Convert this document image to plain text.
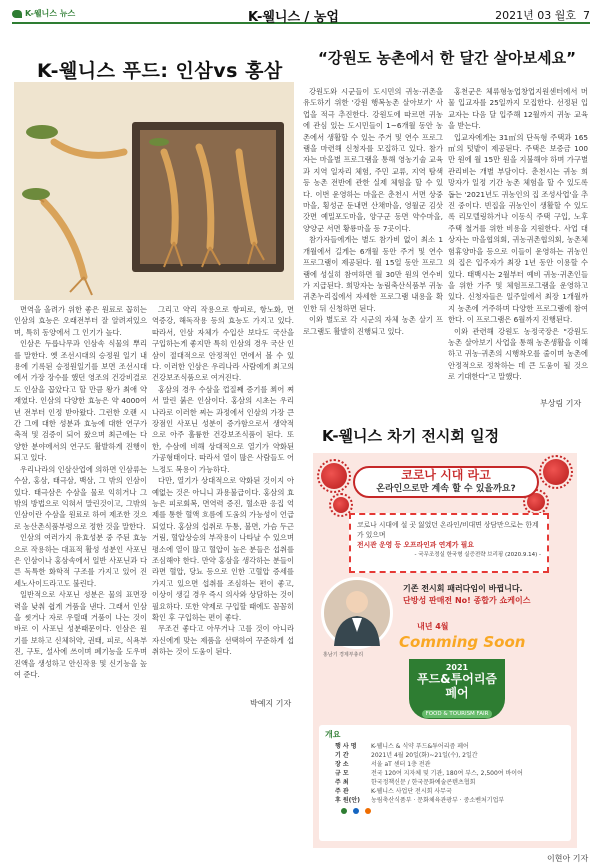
K-웰니스 뉴스	K-웰니스 / 농업	2021년 03 월호 7
K-웰니스 푸드: 인삼vs 홍삼

면역을 올려가 위한 좋은 원료로 꼽히는 인삼의 효능은 오래전부터 잘 알려져있으며, 특히 동양에서 그 인기가 높다.

인삼은 두릅나무과 인삼속 식물의 뿌리를 말한다. 옛 조선시대의 승정원 일기 내용에 기록된 승정원일기를 보면 조선시대에서 가장 장수를 했던 영조의 건강비결로도 인삼을 꼽았다고 할 만큼 왕가 최애 약 재였다. 인삼의 다양한 효능은 약 4000여년 전부터 인정 받아왔다. 그런한 오랜 시간 그에 대한 성분과 효능에 대한 연구가 축적 및 검증이 되어 왔으며 최근에는 다양한 분야에서의 연구도 활발하게 진행이 되고 있다.

우리나라의 인삼산업에 의하면 인삼류는 수삼, 홍삼, 태극삼, 백삼, 그 밖의 인삼이 있다. 태극삼은 수삼을 물로 익히거나 그밖의 방법으로 익혀서 말린것이고, 그밖의 인삼이란 수삼을 원료로 하여 제조한 것으로 농산촌식품부령으로 정한 것을 말한다.

인삼의 여러가지 유효성분 중 주된 효능으로 작용하는 대표적 활성 성분인 사포닌은 인삼이나 홍삼속에서 일반 사포닌과 다른 독특한 화학적 구조를 가지고 있어 진세노사이드라고도 불린다.

일반적으로 사포닌 성분은 물의 표면장력을 낮춰 쉽게 거품을 낸다. 그래서 인삼을 씻거나 자로 우릴때 거품이 나는 것이 바로 이 사포닌 성분때문이다. 인삼은 원기를 보하고 신체허약, 권태, 피로, 식욕부진, 구토, 설사에 쓰이며 폐기능을 도우며 진액을 생성하고 안신작용 및 신기능을 높여 준다.

그리고 약리 작용으로 항피로, 항노화, 면역증강, 해독작용 등의 효능도 가지고 있다. 따라서, 인삼 자체가 수입산 보다도 국산을 구입하는게 좋지만 특히 인삼의 경우 국산 인삼이 절대적으로 안정적인 면에서 볼 수 있다. 이러한 인삼은 우리나라 사람에게 최고의 건강보조식품으로 여겨진다.

홍삼의 경우 수삼을 껍질째 증기를 쬐어 쪄서 말린 붉은 인삼이다. 홍삼의 시초는 우리나라로 이러한 찌는 과정에서 인삼의 가장 큰 장점인 사포닌 성분이 증가함으로서 생약적으로 아주 훌륭한 건강보조식품이 된다. 또한, 수삼에 비해 상대적으로 열기가 약화된 가공형태이다. 따라서 열이 많은 사람들도 어느정도 복용이 가능하다.

다만, 열기가 상대적으로 약화된 것이지 아예없는 것은 아니니 과용불급이다. 홍삼의 효능은 피로회복, 면역력 증진, 혈소판 응집 억제를 통한 혈액 흐름에 도움의 가능성이 언급되었다. 홍삼의 섭취로 두통, 불면, 가슴 두근거림, 혈압상승의 부작용이 나타날 수 있으며 평소에 열이 많고 혈압이 높은 분들은 섭취를 조심해야 한다. 만약 홍삼을 생각하는 분들이라면 혈압, 당뇨 등으로 인한 고혈압 증세를 가지고 있으면 섭취를 조심하는 편이 좋고, 이상이 생길 경우 즉시 의사와 상담하는 것이 필요하다. 또한 약제로 구입할 때에도 꼼꼼히 확인 후 구입하는 편이 좋다.

무조건 좋다고 아무거나 고를 것이 아니라 자신에게 맞는 제품을 선택하여 꾸준하게 섭취하는 것이 도움이 된다.

박예지 기자
“강원도 농촌에서 한 달간 살아보세요”

강원도와 시군들이 도시민의 귀농·귀촌을 유도하기 위한 '강원 행복농촌 살아보기' 사업을 적극 추진한다. 강원도에 따르면 귀농에 관심 있는 도시민들이 1~6개월 동안 농촌에서 생활할 수 있는 주거 및 연수 프로그램을 마련해 신청자를 모집하고 있다. 참가자는 마을별 프로그램을 통해 영농기술 교육과 지역 일자리 체험, 주민 교류, 지역 탐색 등 농촌 전반에 관한 실제 체험을 할 수 있다. 이번 운영하는 마을은 춘천시 서면 상중마을, 횡성군 둔내면 산채마을, 영월군 김삿갓면 예밀포도마을, 양구군 동면 약수마을, 양양군 서면 황룡마을 등 7곳이다.

참가자들에게는 별도 참가비 없이 최소 1개월에서 길게는 6개월 동안 주거 및 연수 프로그램이 제공된다. 월 15일 동안 프로그램에 성실히 참여하면 월 30만 원의 연수비가 지급된다. 희망자는 농림축산식품부 귀농귀촌누리집에서 자세한 프로그램 내용을 확인한 뒤 신청하면 된다.

이와 별도로 각 시군의 자체 농촌 살기 프로그램도 활발히 진행되고 있다.

홍천군은 체류형농업창업지원센터에서 머물 입교자를 25일까지 모집한다. 선정된 입교자는 다음 달 입주해 12월까지 귀농 교육을 받는다.

입교자에게는 31㎡의 단독형 주택과 165㎡의 텃밭이 제공된다. 주택은 보증금 100만 원에 월 15만 원을 지불해야 하며 가구별 관리비는 개별 부담이다. 춘천시는 귀농 희망자가 일정 기간 농촌 체험을 할 수 있도록 돕는 '2021년도 귀농인의 집 조성사업'을 추진 중이다. 빈집을 귀농인이 생활할 수 있도록 리모델링하거나 이동식 주택 구입, 노후 주택 철거를 위한 비용을 지원한다. 사업 대상자는 마을협의회, 귀농귀촌협의회, 농촌체험휴양마을 등으로 이들이 운영하는 귀농인의 집은 입주자가 최장 1년 동안 이용할 수 있다. 태백시는 2월부터 예비 귀농·귀촌인들을 위한 가주 및 체험프로그램을 운영하고 있다. 신청자들은 일주일에서 최장 1개월까지 농촌에 거주하며 다양한 프로그램에 참여한다. 이 프로그램은 6월까지 진행된다.

이와 관련해 강원도 농정국장은 "강원도 농촌 살아보기 사업을 통해 농촌생활을 이해하고 귀농·귀촌의 시행착오를 줄이며 농촌에 안정적으로 정착하는 데 큰 도움이 될 것으로 기대한다"고 말했다.

부상림 기자
K-웰니스 차기 전시회 일정
코로나 시대 라고
온라인으로만 계속 할 수 있을까요?
코로나 시대에 설 곳 잃었던 온라인/비대면 상담만으로는 한계가 있으며
전시관 운영 등 오프라인과 연계가 필요
- 국무조정실 한국형 실증전략 브리핑 (2020.9.14) -
홍남기 경제부총리
기존 전시회 패러다임이 바뀝니다.
단방성 판매전 No! 종합가 쇼케이스
내년 4월
Comming Soon
2021
푸드&투어리즘
페어
FOOD & TOURISM FAIR
개요
행 사 명	K-웰니스 & 식약 푸드&투어리즘 페어
기 간	2021년 4월 20일(화)~21일(수), 2일간
장 소	서울 aT 센터 1층 전관
규 모	전국 120여 지자체 및 기관, 180여 부스, 2,500여 바이어
주 최	한국정책신문 / 한국문화예술콘텐츠협회
주 관	K-웰니스 사업단 전시회 사무국
후 원(안)	농림축산식품부 · 문화체육관광부 · 중소벤처기업부
이현아 기자
